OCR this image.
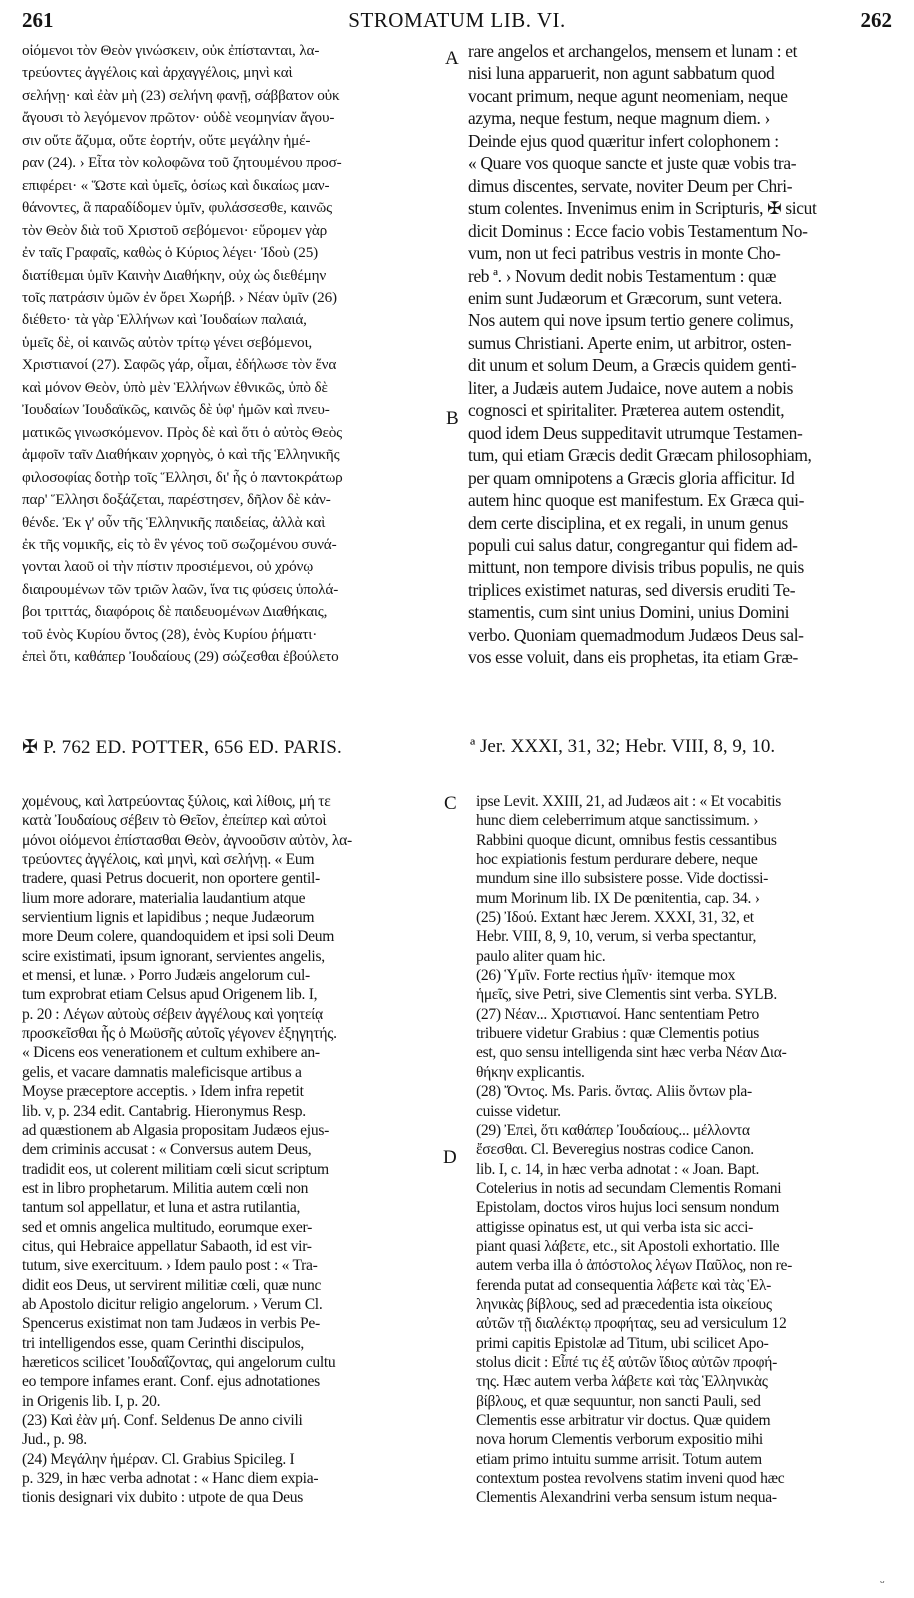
261	STROMATUM LIB. VI.	262
οἰόμενοι τὸν Θεὸν γινώσκειν, οὐκ ἐπίστανται, λα-
τρεύοντες ἀγγέλοις καὶ ἀρχαγγέλοις, μηνὶ καὶ
σελήνῃ· καὶ ἐὰν μὴ (23) σελήνη φανῇ, σάββατον οὐκ
ἄγουσι τὸ λεγόμενον πρῶτον· οὐδὲ νεομηνίαν ἄγου-
σιν οὔτε ἄζυμα, οὔτε ἑορτήν, οὔτε μεγάλην ἡμέ-
ραν (24). › Εἶτα τὸν κολοφῶνα τοῦ ζητουμένου προσ-
επιφέρει· « Ὥστε καὶ ὑμεῖς, ὁσίως καὶ δικαίως μαν-
θάνοντες, ἃ παραδίδομεν ὑμῖν, φυλάσσεσθε, καινῶς
τὸν Θεὸν διὰ τοῦ Χριστοῦ σεβόμενοι· εὕρομεν γὰρ
ἐν ταῖς Γραφαῖς, καθὼς ὁ Κύριος λέγει· Ἰδοὺ (25)
διατίθεμαι ὑμῖν Καινὴν Διαθήκην, οὐχ ὡς διεθέμην
τοῖς πατράσιν ὑμῶν ἐν ὄρει Χωρήβ. › Νέαν ὑμῖν (26)
διέθετο· τὰ γὰρ Ἑλλήνων καὶ Ἰουδαίων παλαιά,
ὑμεῖς δὲ, οἱ καινῶς αὐτὸν τρίτῳ γένει σεβόμενοι,
Χριστιανοί (27). Σαφῶς γάρ, οἶμαι, ἐδήλωσε τὸν ἕνα
καὶ μόνον Θεὸν, ὑπὸ μὲν Ἑλλήνων ἐθνικῶς, ὑπὸ δὲ
Ἰουδαίων Ἰουδαϊκῶς, καινῶς δὲ ὑφ' ἡμῶν καὶ πνευ-
ματικῶς γινωσκόμενον. Πρὸς δὲ καὶ ὅτι ὁ αὐτὸς Θεὸς
ἀμφοῖν ταῖν Διαθήκαιν χορηγὸς, ὁ καὶ τῆς Ἑλληνικῆς
φιλοσοφίας δοτὴρ τοῖς Ἕλλησι, δι' ἧς ὁ παντοκράτωρ
παρ' Ἕλλησι δοξάζεται, παρέστησεν, δῆλον δὲ κἀν-
θένδε. Ἐκ γ' οὖν τῆς Ἑλληνικῆς παιδείας, ἀλλὰ καὶ
ἐκ τῆς νομικῆς, εἰς τὸ ἓν γένος τοῦ σωζομένου συνά-
γονται λαοῦ οἱ τὴν πίστιν προσιέμενοι, οὐ χρόνῳ
διαιρουμένων τῶν τριῶν λαῶν, ἵνα τις φύσεις ὑπολά-
βοι τριττάς, διαφόροις δὲ παιδευομένων Διαθήκαις,
τοῦ ἑνὸς Κυρίου ὄντος (28), ἑνὸς Κυρίου ῥήματι·
ἐπεὶ ὅτι, καθάπερ Ἰουδαίους (29) σώζεσθαι ἐβούλετο
rare angelos et archangelos, mensem et lunam : et
nisi luna apparuerit, non agunt sabbatum quod
vocant primum, neque agunt neomeniam, neque
azyma, neque festum, neque magnum diem. ›
Deinde ejus quod quæritur infert colophonem :
« Quare vos quoque sancte et juste quæ vobis tra-
dimus discentes, servate, noviter Deum per Chri-
stum colentes. Invenimus enim in Scripturis, ✠ sicut
dicit Dominus : Ecce facio vobis Testamentum No-
vum, non ut feci patribus vestris in monte Cho-
reb ª. › Novum dedit nobis Testamentum : quæ
enim sunt Judæorum et Græcorum, sunt vetera.
Nos autem qui nove ipsum tertio genere colimus,
sumus Christiani. Aperte enim, ut arbitror, osten-
dit unum et solum Deum, a Græcis quidem genti-
liter, a Judæis autem Judaice, nove autem a nobis
cognosci et spiritaliter. Præterea autem ostendit,
quod idem Deus suppeditavit utrumque Testamen-
tum, qui etiam Græcis dedit Græcam philosophiam,
per quam omnipotens a Græcis gloria afficitur. Id
autem hinc quoque est manifestum. Ex Græca qui-
dem certe disciplina, et ex regali, in unum genus
populi cui salus datur, congregantur qui fidem ad-
mittunt, non tempore divisis tribus populis, ne quis
triplices existimet naturas, sed diversis eruditi Te-
stamentis, cum sint unius Domini, unius Domini
verbo. Quoniam quemadmodum Judæos Deus sal-
vos esse voluit, dans eis prophetas, ita etiam Græ-
A
B
✠ P. 762 ED. POTTER, 656 ED. PARIS.	ª Jer. XXXI, 31, 32; Hebr. VIII, 8, 9, 10.
χομένους, καὶ λατρεύοντας ξύλοις, καὶ λίθοις, μή τε
κατὰ Ἰουδαίους σέβειν τὸ Θεῖον, ἐπείπερ καὶ αὐτοὶ
μόνοι οἰόμενοι ἐπίστασθαι Θεὸν, ἀγνοοῦσιν αὐτὸν, λα-
τρεύοντες ἀγγέλοις, καὶ μηνὶ, καὶ σελήνῃ. « Eum
tradere, quasi Petrus docuerit, non oportere gentil-
lium more adorare, materialia laudantium atque
servientium lignis et lapidibus ; neque Judæorum
more Deum colere, quandoquidem et ipsi soli Deum
scire existimati, ipsum ignorant, servientes angelis,
et mensi, et lunæ. › Porro Judæis angelorum cul-
tum exprobrat etiam Celsus apud Origenem lib. I,
p. 20 : Λέγων αὐτοὺς σέβειν ἀγγέλους καὶ γοητείᾳ
προσκεῖσθαι ἧς ὁ Μωϋσῆς αὐτοῖς γέγονεν ἐξηγητής.
« Dicens eos venerationem et cultum exhibere an-
gelis, et vacare damnatis maleficisque artibus a
Moyse præceptore acceptis. › Idem infra repetit
lib. v, p. 234 edit. Cantabrig. Hieronymus Resp.
ad quæstionem ab Algasia propositam Judæos ejus-
dem criminis accusat : « Conversus autem Deus,
tradidit eos, ut colerent militiam cœli sicut scriptum
est in libro prophetarum. Militia autem cœli non
tantum sol appellatur, et luna et astra rutilantia,
sed et omnis angelica multitudo, eorumque exer-
citus, qui Hebraice appellatur Sabaoth, id est vir-
tutum, sive exercituum. › Idem paulo post : « Tra-
didit eos Deus, ut servirent militiæ cœli, quæ nunc
ab Apostolo dicitur religio angelorum. › Verum Cl.
Spencerus existimat non tam Judæos in verbis Pe-
tri intelligendos esse, quam Cerinthi discipulos,
hæreticos scilicet Ἰουδαΐζοντας, qui angelorum cultu
eo tempore infames erant. Conf. ejus adnotationes
in Origenis lib. I, p. 20.
(23) Καὶ ἐὰν μή. Conf. Seldenus De anno civili
Jud., p. 98.
(24) Μεγάλην ἡμέραν. Cl. Grabius Spicileg. I
p. 329, in hæc verba adnotat : « Hanc diem expia-
tionis designari vix dubito : utpote de qua Deus
C
D
ipse Levit. XXIII, 21, ad Judæos ait : « Et vocabitis
hunc diem celeberrimum atque sanctissimum. ›
Rabbini quoque dicunt, omnibus festis cessantibus
hoc expiationis festum perdurare debere, neque
mundum sine illo subsistere posse. Vide doctissi-
mum Morinum lib. IX De pœnitentia, cap. 34. ›
(25) Ἰδού. Extant hæc Jerem. XXXI, 31, 32, et
Hebr. VIII, 8, 9, 10, verum, si verba spectantur,
paulo aliter quam hic.
(26) Ὑμῖν. Forte rectius ἡμῖν· itemque mox
ἡμεῖς, sive Petri, sive Clementis sint verba. SYLB.
(27) Νέαν... Χριστιανοί. Hanc sententiam Petro
tribuere videtur Grabius : quæ Clementis potius
est, quo sensu intelligenda sint hæc verba Νέαν Δια-
θήκην explicantis.
(28) Ὄντος. Ms. Paris. ὄντας. Aliis ὄντων pla-
cuisse videtur.
(29) Ἐπεὶ, ὅτι καθάπερ Ἰουδαίους... μέλλοντα
ἔσεσθαι. Cl. Beveregius nostras codice Canon.
lib. I, c. 14, in hæc verba adnotat : « Joan. Bapt.
Cotelerius in notis ad secundam Clementis Romani
Epistolam, doctos viros hujus loci sensum nondum
attigisse opinatus est, ut qui verba ista sic acci-
piant quasi λάβετε, etc., sit Apostoli exhortatio. Ille
autem verba illa ὁ ἀπόστολος λέγων Παῦλος, non re-
ferenda putat ad consequentia λάβετε καὶ τὰς Ἑλ-
ληνικὰς βίβλους, sed ad præcedentia ista οἰκείους
αὐτῶν τῇ διαλέκτῳ προφήτας, seu ad versiculum 12
primi capitis Epistolæ ad Titum, ubi scilicet Apo-
stolus dicit : Εἶπέ τις ἐξ αὐτῶν ἴδιος αὐτῶν προφή-
της. Hæc autem verba λάβετε καὶ τὰς Ἑλληνικὰς
βίβλους, et quæ sequuntur, non sancti Pauli, sed
Clementis esse arbitratur vir doctus. Quæ quidem
nova horum Clementis verborum expositio mihi
etiam primo intuitu summe arrisit. Totum autem
contextum postea revolvens statim inveni quod hæc
Clementis Alexandrini verba sensum istum nequa-
ᵕ
